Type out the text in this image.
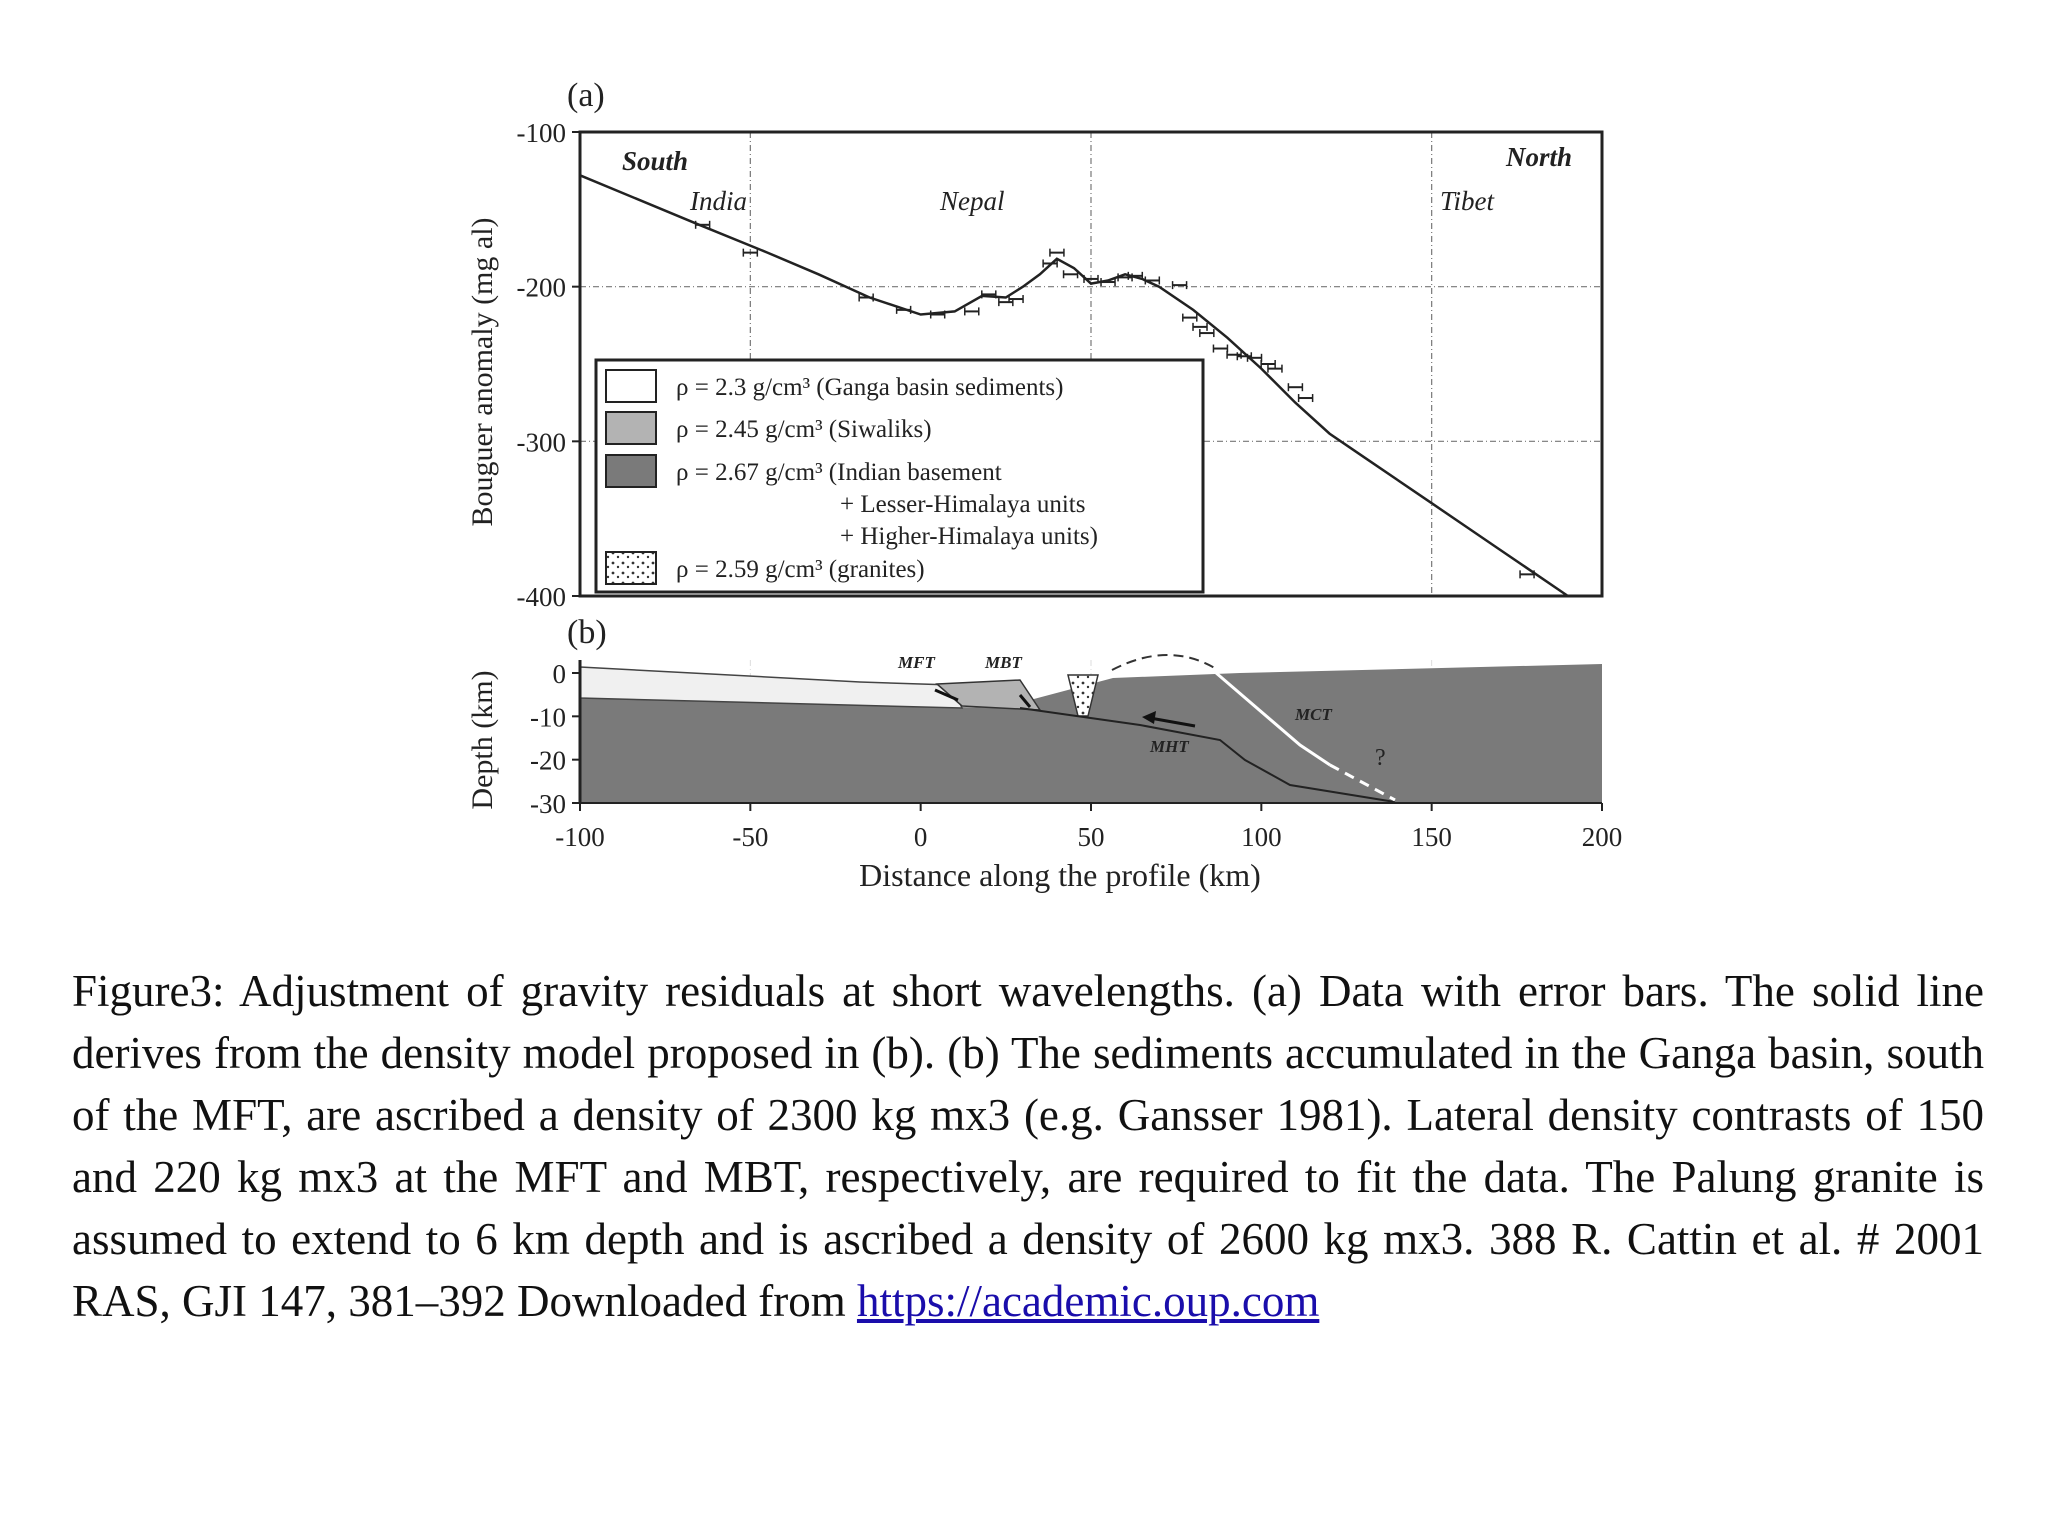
(a)
-100
-200
-300
-400
Bouguer anomaly (mg al)
South	North
India	Nepal	Tibet
ρ = 2.3 g/cm³ (Ganga basin sediments)
ρ = 2.45 g/cm³ (Siwaliks)
ρ = 2.67 g/cm³ (Indian basement
+ Lesser-Himalaya units
+ Higher-Himalaya units)
ρ = 2.59 g/cm³ (granites)
(b)
MFT	MBT
MCT
MHT	?
0
-10
-20
-30
-100	-50	0	50	100	150	200
Depth (km)
Distance along the profile (km)

Figure3: Adjustment of gravity residuals at short wavelengths. (a) Data with error bars. The solid line derives from the density model proposed in (b). (b) The sediments accumulated in the Ganga basin, south of the MFT, are ascribed a density of 2300 kg mx3 (e.g. Gansser 1981). Lateral density contrasts of 150 and 220 kg mx3 at the MFT and MBT, respectively, are required to fit the data. The Palung granite is assumed to extend to 6 km depth and is ascribed a density of 2600 kg mx3. 388 R. Cattin et al. # 2001 RAS, GJI 147, 381–392 Downloaded from https://academic.oup.com
